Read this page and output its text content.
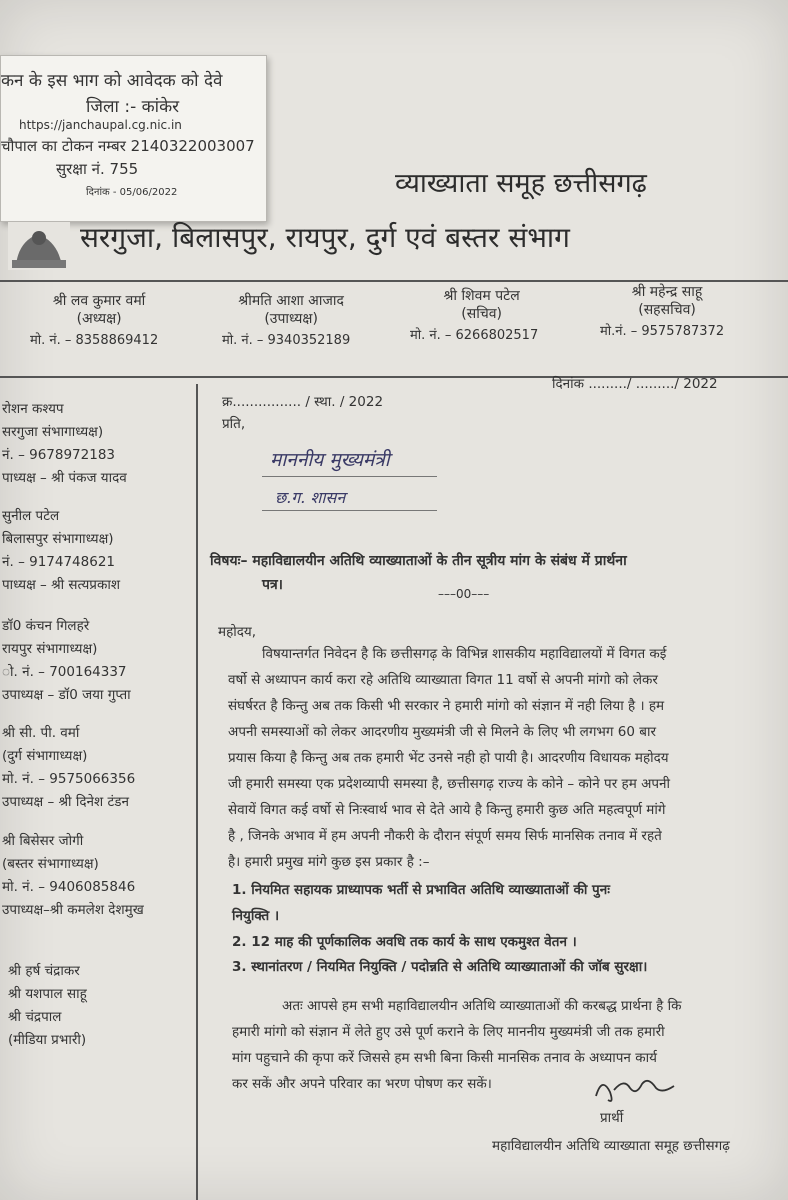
कन के इस भाग को आवेदक को देवे
जिला :- कांकेर
https://janchaupal.cg.nic.in
चौपाल का टोकन नम्बर 2140322003007
सुरक्षा नं. 755
दिनांक - 05/06/2022	व्याख्याता समूह छत्तीसगढ़
सरगुजा, बिलासपुर, रायपुर, दुर्ग एवं बस्तर संभाग
श्री लव कुमार वर्मा
(अध्यक्ष)
मो. नं. – 8358869412
श्रीमति आशा आजाद
(उपाध्यक्ष)
मो. नं. – 9340352189
श्री शिवम पटेल
(सचिव)
मो. नं. – 6266802517
श्री महेन्द्र साहू
(सहसचिव)
मो.नं. – 9575787372
रोशन कश्यप
सरगुजा संभागाध्यक्ष)
नं. – 9678972183
पाध्यक्ष – श्री पंकज यादव
सुनील पटेल
बिलासपुर संभागाध्यक्ष)
नं. – 9174748621
पाध्यक्ष – श्री सत्यप्रकाश
डॉ0 कंचन गिलहरे
रायपुर संभागाध्यक्ष)
ो. नं. – 700164337
उपाध्यक्ष – डॉ0 जया गुप्ता
श्री सी. पी. वर्मा
(दुर्ग संभागाध्यक्ष)
मो. नं. – 9575066356
उपाध्यक्ष – श्री दिनेश टंडन
श्री बिसेसर जोगी
(बस्तर संभागाध्यक्ष)
मो. नं. – 9406085846
उपाध्यक्ष–श्री कमलेश देशमुख
श्री हर्ष चंद्राकर
श्री यशपाल साहू
श्री चंद्रपाल
(मीडिया प्रभारी)
क्र................ / स्था. / 2022
दिनांक ........./ ........./ 2022
प्रति,
माननीय मुख्यमंत्री
छ.ग. शासन
विषयः– महाविद्यालयीन अतिथि व्याख्याताओं के तीन सूत्रीय मांग के संबंध में प्रार्थना
पत्र।
–––00–––
महोदय,
विषयान्तर्गत निवेदन है कि छत्तीसगढ़ के विभिन्न शासकीय महाविद्यालयों में विगत कई
वर्षो से अध्यापन कार्य करा रहे अतिथि व्याख्याता विगत 11 वर्षो से अपनी मांगो को लेकर
संघर्षरत है किन्तु अब तक किसी भी सरकार ने हमारी मांगो को संज्ञान में नही लिया है । हम
अपनी समस्याओं को लेकर आदरणीय मुख्यमंत्री जी से मिलने के लिए भी लगभग 60 बार
प्रयास किया है किन्तु अब तक हमारी भेंट उनसे नही हो पायी है। आदरणीय विधायक महोदय
जी हमारी समस्या एक प्रदेशव्यापी समस्या है, छत्तीसगढ़ राज्य के कोने – कोने पर हम अपनी
सेवायें विगत कई वर्षो से निःस्वार्थ भाव से देते आये है किन्तु हमारी कुछ अति महत्वपूर्ण मांगे
है , जिनके अभाव में हम अपनी नौकरी के दौरान संपूर्ण समय सिर्फ मानसिक तनाव में रहते
है। हमारी प्रमुख मांगे कुछ इस प्रकार है :–
1. नियमित सहायक प्राध्यापक भर्ती से प्रभावित अतिथि व्याख्याताओं की पुनः
नियुक्ति ।
2. 12 माह की पूर्णकालिक अवधि तक कार्य के साथ एकमुश्त वेतन ।
3. स्थानांतरण / नियमित नियुक्ति / पदोन्नति से अतिथि व्याख्याताओं की जॉब सुरक्षा।
अतः आपसे हम सभी महाविद्यालयीन अतिथि व्याख्याताओं की करबद्ध प्रार्थना है कि
हमारी मांगो को संज्ञान में लेते हुए उसे पूर्ण कराने के लिए माननीय मुख्यमंत्री जी तक हमारी
मांग पहुचाने की कृपा करें जिससे हम सभी बिना किसी मानसिक तनाव के अध्यापन कार्य
कर सकें और अपने परिवार का भरण पोषण कर सकें।
प्रार्थी
महाविद्यालयीन अतिथि व्याख्याता समूह छत्तीसगढ़
